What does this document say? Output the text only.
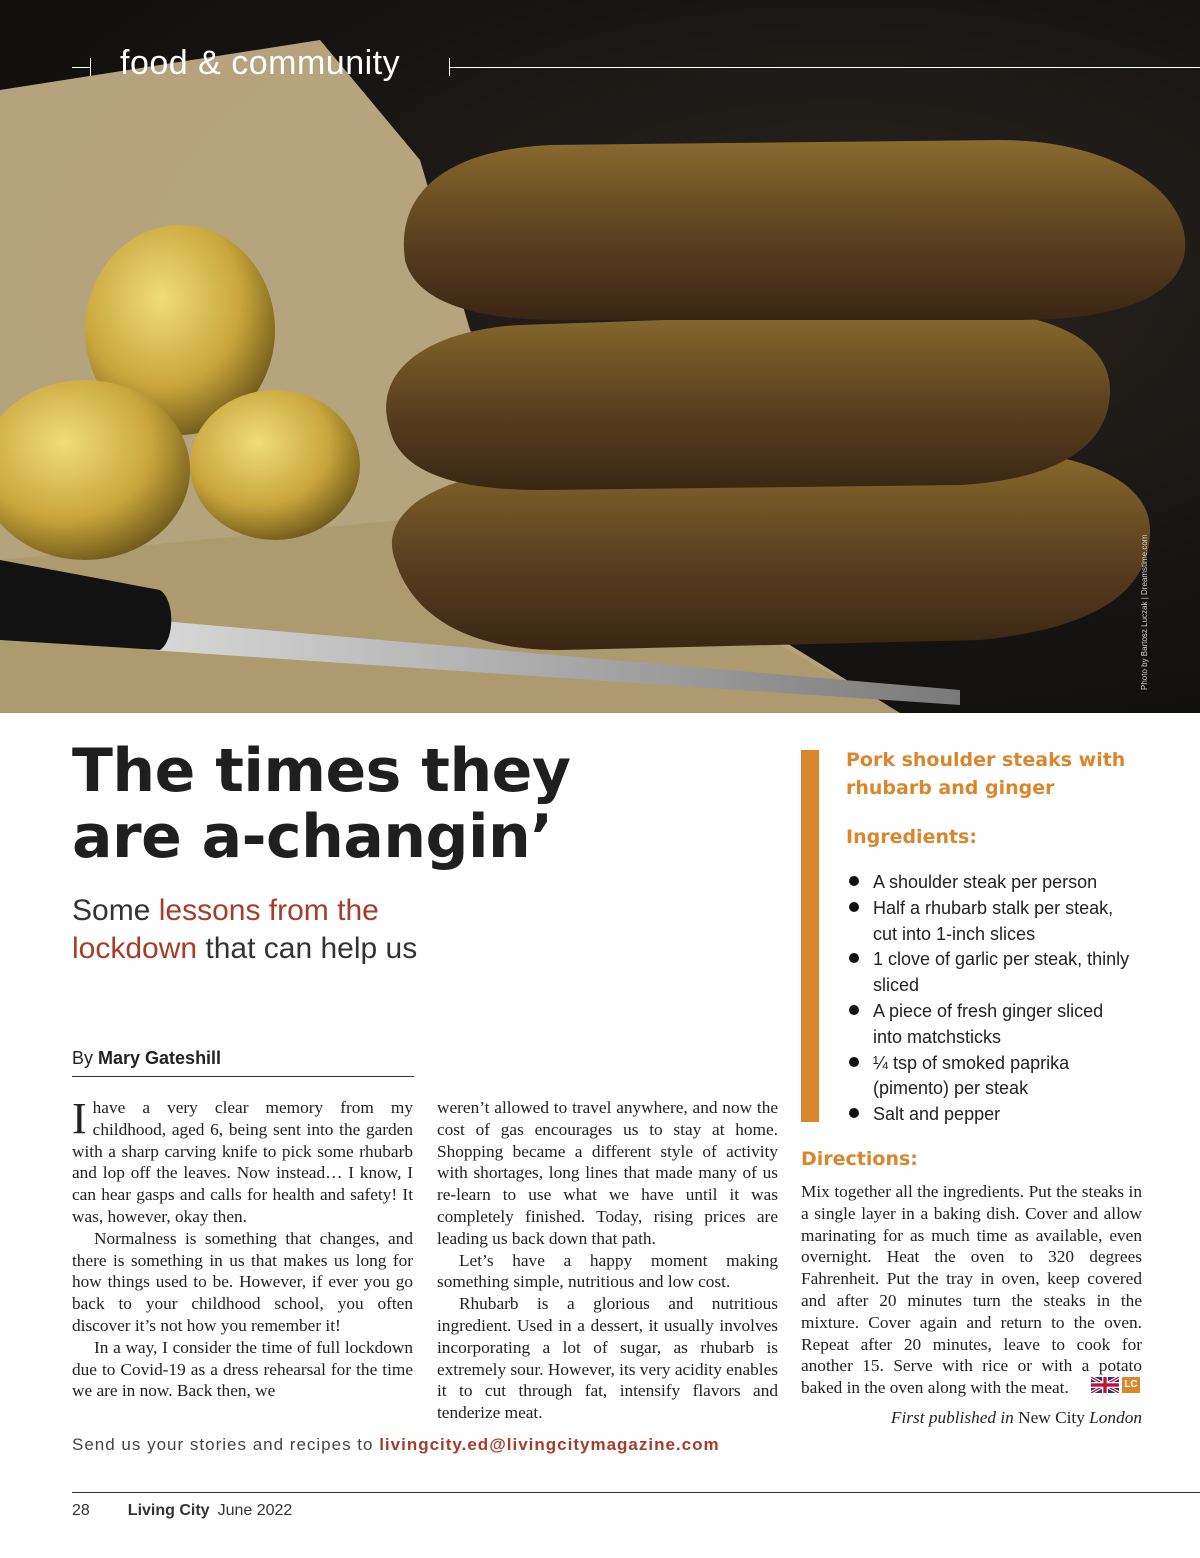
food & community
Photo by Bartosz Luczak | Dreamstime.com
The times they
are a-changin’
Some lessons from the lockdown that can help us
By Mary Gateshill

Ihave a very clear memory from my childhood, aged 6, being sent into the garden with a sharp carving knife to pick some rhubarb and lop off the leaves. Now instead… I know, I can hear gasps and calls for health and safety! It was, however, okay then.

Normalness is something that changes, and there is something in us that makes us long for how things used to be. However, if ever you go back to your childhood school, you often discover it’s not how you remember it!

In a way, I consider the time of full lockdown due to Covid-19 as a dress rehearsal for the time we are in now. Back then, we

weren’t allowed to travel anywhere, and now the cost of gas encourages us to stay at home. Shopping became a different style of activity with shortages, long lines that made many of us re-learn to use what we have until it was completely finished. Today, rising prices are leading us back down that path.

Let’s have a happy moment making something simple, nutritious and low cost.

Rhubarb is a glorious and nutritious ingredient. Used in a dessert, it usually involves incorporating a lot of sugar, as rhubarb is extremely sour. However, its very acidity enables it to cut through fat, intensify flavors and tenderize meat.

Pork shoulder steaks with rhubarb and ginger
Ingredients:
A shoulder steak per person
Half a rhubarb stalk per steak, cut into 1-inch slices
1 clove of garlic per steak, thinly sliced
A piece of fresh ginger sliced into matchsticks
¼ tsp of smoked paprika (pimento) per steak
Salt and pepper
Directions:

Mix together all the ingredients. Put the steaks in a single layer in a baking dish. Cover and allow marinating for as much time as available, even overnight. Heat the oven to 320 degrees Fahrenheit. Put the tray in oven, keep covered and after 20 minutes turn the steaks in the mixture. Cover again and return to the oven. Repeat after 20 minutes, leave to cook for another 15. Serve with rice or with a potato baked in the oven along with the meat.	LC
First published in New City London
Send us your stories and recipes to livingcity.ed@livingcitymagazine.com
28 Living City June 2022
